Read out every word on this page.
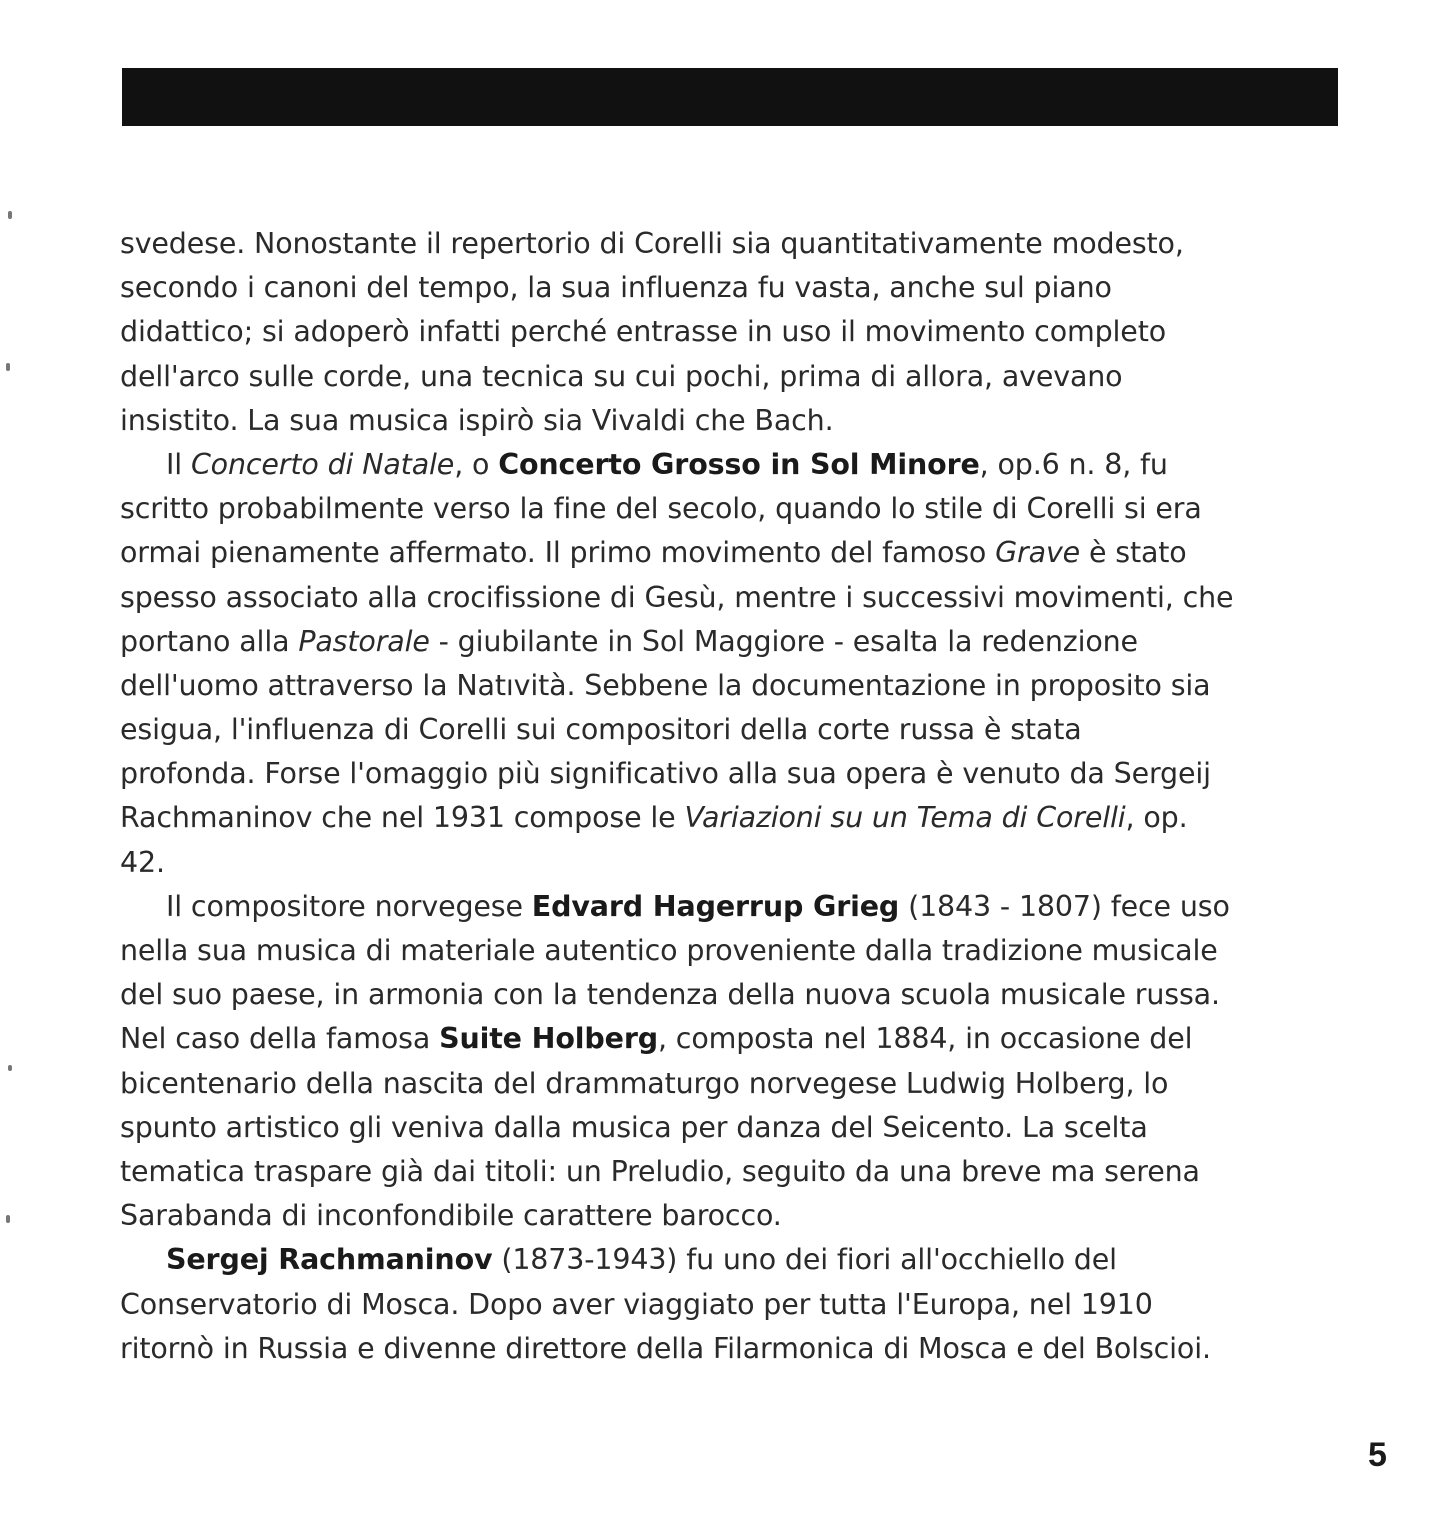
svedese. Nonostante il repertorio di Corelli sia quantitativamente modesto,
secondo i canoni del tempo, la sua influenza fu vasta, anche sul piano
didattico; si adoperò infatti perché entrasse in uso il movimento completo
dell'arco sulle corde, una tecnica su cui pochi, prima di allora, avevano
insistito. La sua musica ispirò sia Vivaldi che Bach.
Il Concerto di Natale, o Concerto Grosso in Sol Minore, op.6 n. 8, fu
scritto probabilmente verso la fine del secolo, quando lo stile di Corelli si era
ormai pienamente affermato. Il primo movimento del famoso Grave è stato
spesso associato alla crocifissione di Gesù, mentre i successivi movimenti, che
portano alla Pastorale - giubilante in Sol Maggiore - esalta la redenzione
dell'uomo attraverso la Natıvità. Sebbene la documentazione in proposito sia
esigua, l'influenza di Corelli sui compositori della corte russa è stata
profonda. Forse l'omaggio più significativo alla sua opera è venuto da Sergeij
Rachmaninov che nel 1931 compose le Variazioni su un Tema di Corelli, op.
42.
Il compositore norvegese Edvard Hagerrup Grieg (1843 - 1807) fece uso
nella sua musica di materiale autentico proveniente dalla tradizione musicale
del suo paese, in armonia con la tendenza della nuova scuola musicale russa.
Nel caso della famosa Suite Holberg, composta nel 1884, in occasione del
bicentenario della nascita del drammaturgo norvegese Ludwig Holberg, lo
spunto artistico gli veniva dalla musica per danza del Seicento. La scelta
tematica traspare già dai titoli: un Preludio, seguito da una breve ma serena
Sarabanda di inconfondibile carattere barocco.
Sergej Rachmaninov (1873-1943) fu uno dei fiori all'occhiello del
Conservatorio di Mosca. Dopo aver viaggiato per tutta l'Europa, nel 1910
ritornò in Russia e divenne direttore della Filarmonica di Mosca e del Bolscioi.
5
